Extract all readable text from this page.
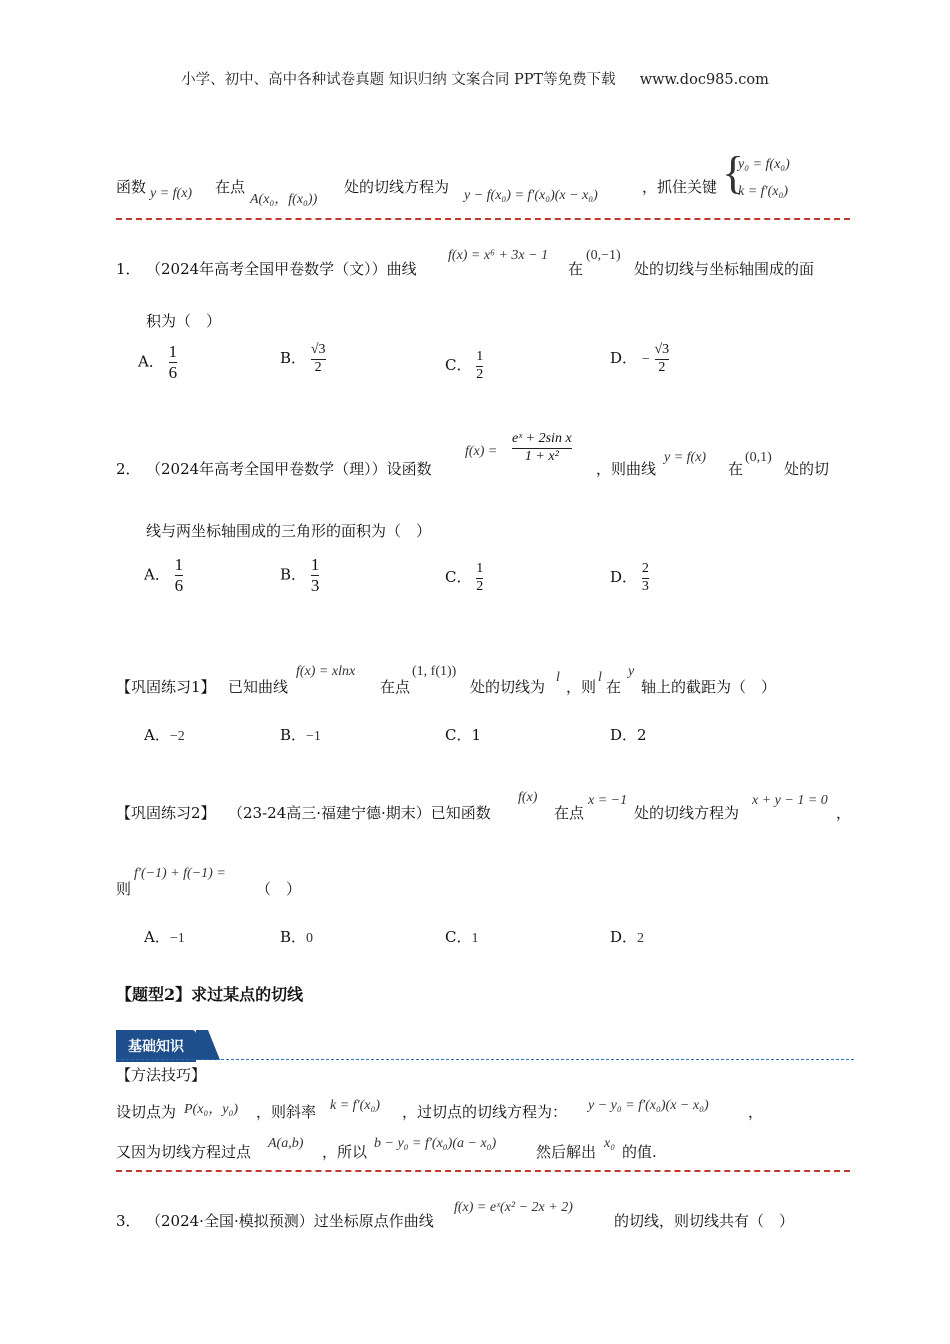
小学、初中、高中各种试卷真题 知识归纳 文案合同 PPT等免费下载 www.doc985.com
函数 y = f(x) 在点
A(x₀，f(x₀))
处的切线方程为 y − f(x₀) = f′(x₀)(x − x₀)	，抓住关键 {
y₀ = f(x₀)
k = f′(x₀)
1． （2024年高考全国甲卷数学（文））曲线
f(x) = x⁶ + 3x − 1
在
(0,−1)
处的切线与坐标轴围成的面
积为（　）
A． $\frac{1}{6}$	B． $\frac{√3}{2}$	C． $\frac{1}{2}$	D． − $\frac{√3}{2}$
2． （2024年高考全国甲卷数学（理））设函数
$f(x) = \frac{\text{eˣ + 2sin x}}{\text{1 + x²}}$
，则曲线
y = f(x)
在
(0,1)
处的切
线与两坐标轴围成的三角形的面积为（　）
A． $\frac{1}{6}$	B． $\frac{1}{3}$	C． $\frac{1}{2}$	D． $\frac{2}{3}$
【巩固练习1】 已知曲线
f(x) = xlnx
在点
(1, f(1))
处的切线为
l
，则
l
在
y
轴上的截距为（　）
A．−2	B．−1	C．1	D．2
【巩固练习2】 （23-24高三·福建宁德·期末）已知函数
f(x)
在点
x = −1
处的切线方程为
x + y − 1 = 0
，
则
f′(−1) + f(−1) =
（　）
A．−1	B．0	C．1	D．2
【题型2】求过某点的切线
基础知识
【方法技巧】
设切点为 P(x₀，y₀) ，则斜率 k = f′(x₀) ，过切点的切线方程为： y − y₀ = f′(x₀)(x − x₀)	，
又因为切线方程过点 A(a,b) ，所以 b − y₀ = f′(x₀)(a − x₀)	然后解出 x₀ 的值.
3． （2024·全国·模拟预测）过坐标原点作曲线
f(x) = eˣ(x² − 2x + 2)
的切线，则切线共有（　）
